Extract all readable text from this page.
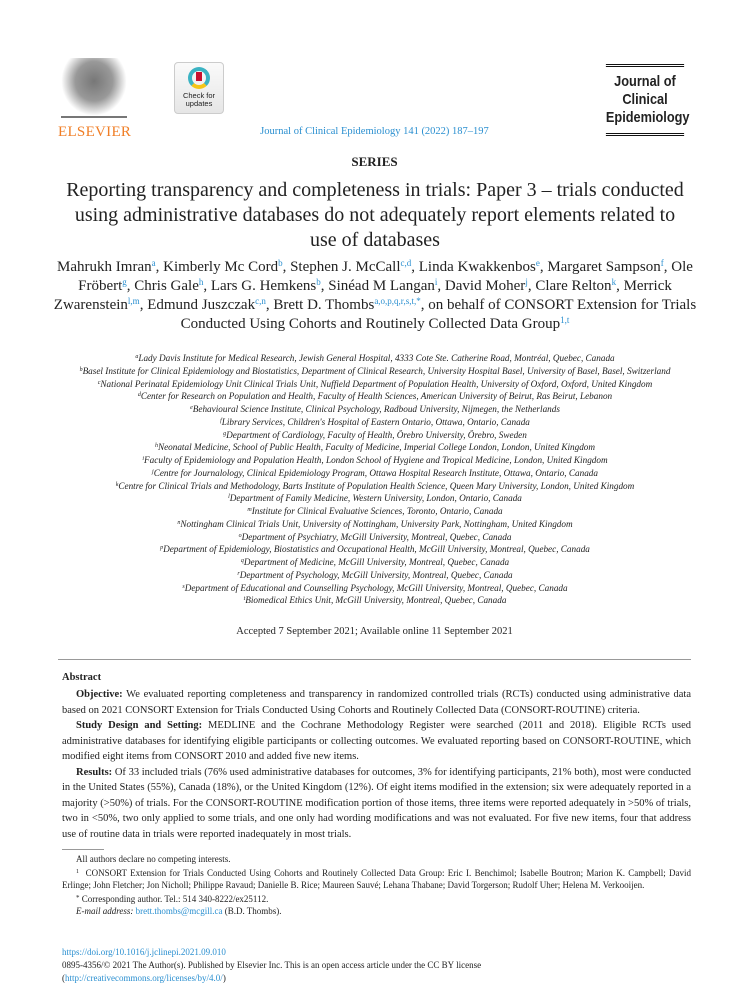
ELSEVIER
Check for updates
Journal of
Clinical
Epidemiology
Journal of Clinical Epidemiology 141 (2022) 187–197
SERIES
Reporting transparency and completeness in trials: Paper 3 – trials conducted using administrative databases do not adequately report elements related to use of databases
Mahrukh Imran$^a$, Kimberly Mc Cord$^b$, Stephen J. McCall$^{c,d}$, Linda Kwakkenbos$^e$, Margaret Sampson$^f$, Ole Fröbert$^g$, Chris Gale$^h$, Lars G. Hemkens$^b$, Sinéad M Langan$^i$, David Moher$^j$, Clare Relton$^k$, Merrick Zwarenstein$^{l,m}$, Edmund Juszczak$^{c,n}$, Brett D. Thombs$^{a,o,p,q,r,s,t,*}$, on behalf of CONSORT Extension for Trials Conducted Using Cohorts and Routinely Collected Data Group$^{1,t}$
$^a$Lady Davis Institute for Medical Research, Jewish General Hospital, 4333 Cote Ste. Catherine Road, Montréal, Quebec, Canada
$^b$Basel Institute for Clinical Epidemiology and Biostatistics, Department of Clinical Research, University Hospital Basel, University of Basel, Basel, Switzerland
$^c$National Perinatal Epidemiology Unit Clinical Trials Unit, Nuffield Department of Population Health, University of Oxford, Oxford, United Kingdom
$^d$Center for Research on Population and Health, Faculty of Health Sciences, American University of Beirut, Ras Beirut, Lebanon
$^e$Behavioural Science Institute, Clinical Psychology, Radboud University, Nijmegen, the Netherlands
$^f$Library Services, Children's Hospital of Eastern Ontario, Ottawa, Ontario, Canada
$^g$Department of Cardiology, Faculty of Health, Örebro University, Örebro, Sweden
$^h$Neonatal Medicine, School of Public Health, Faculty of Medicine, Imperial College London, London, United Kingdom
$^i$Faculty of Epidemiology and Population Health, London School of Hygiene and Tropical Medicine, London, United Kingdom
$^j$Centre for Journalology, Clinical Epidemiology Program, Ottawa Hospital Research Institute, Ottawa, Ontario, Canada
$^k$Centre for Clinical Trials and Methodology, Barts Institute of Population Health Science, Queen Mary University, London, United Kingdom
$^l$Department of Family Medicine, Western University, London, Ontario, Canada
$^m$Institute for Clinical Evaluative Sciences, Toronto, Ontario, Canada
$^n$Nottingham Clinical Trials Unit, University of Nottingham, University Park, Nottingham, United Kingdom
$^o$Department of Psychiatry, McGill University, Montreal, Quebec, Canada
$^p$Department of Epidemiology, Biostatistics and Occupational Health, McGill University, Montreal, Quebec, Canada
$^q$Department of Medicine, McGill University, Montreal, Quebec, Canada
$^r$Department of Psychology, McGill University, Montreal, Quebec, Canada
$^s$Department of Educational and Counselling Psychology, McGill University, Montreal, Quebec, Canada
$^t$Biomedical Ethics Unit, McGill University, Montreal, Quebec, Canada
Accepted 7 September 2021; Available online 11 September 2021
Abstract

Objective: We evaluated reporting completeness and transparency in randomized controlled trials (RCTs) conducted using administrative data based on 2021 CONSORT Extension for Trials Conducted Using Cohorts and Routinely Collected Data (CONSORT-ROUTINE) criteria.

Study Design and Setting: MEDLINE and the Cochrane Methodology Register were searched (2011 and 2018). Eligible RCTs used administrative databases for identifying eligible participants or collecting outcomes. We evaluated reporting based on CONSORT-ROUTINE, which modified eight items from CONSORT 2010 and added five new items.

Results: Of 33 included trials (76% used administrative databases for outcomes, 3% for identifying participants, 21% both), most were conducted in the United States (55%), Canada (18%), or the United Kingdom (12%). Of eight items modified in the extension; six were adequately reported in a majority (>50%) of trials. For the CONSORT-ROUTINE modification portion of those items, three items were reported adequately in >50% of trials, two in <50%, two only applied to some trials, and one only had wording modifications and was not evaluated. For five new items, four that address use of routine data in trials were reported inadequately in most trials.

All authors declare no competing interests.

$^1$ CONSORT Extension for Trials Conducted Using Cohorts and Routinely Collected Data Group: Eric I. Benchimol; Isabelle Boutron; Marion K. Campbell; David Erlinge; John Fletcher; Jon Nicholl; Philippe Ravaud; Danielle B. Rice; Maureen Sauvé; Lehana Thabane; David Torgerson; Rudolf Uher; Helena M. Verkooijen.

* Corresponding author. Tel.: 514 340-8222/ex25112.

E-mail address: brett.thombs@mcgill.ca (B.D. Thombs).

https://doi.org/10.1016/j.jclinepi.2021.09.010
0895-4356/© 2021 The Author(s). Published by Elsevier Inc. This is an open access article under the CC BY license
(http://creativecommons.org/licenses/by/4.0/)
